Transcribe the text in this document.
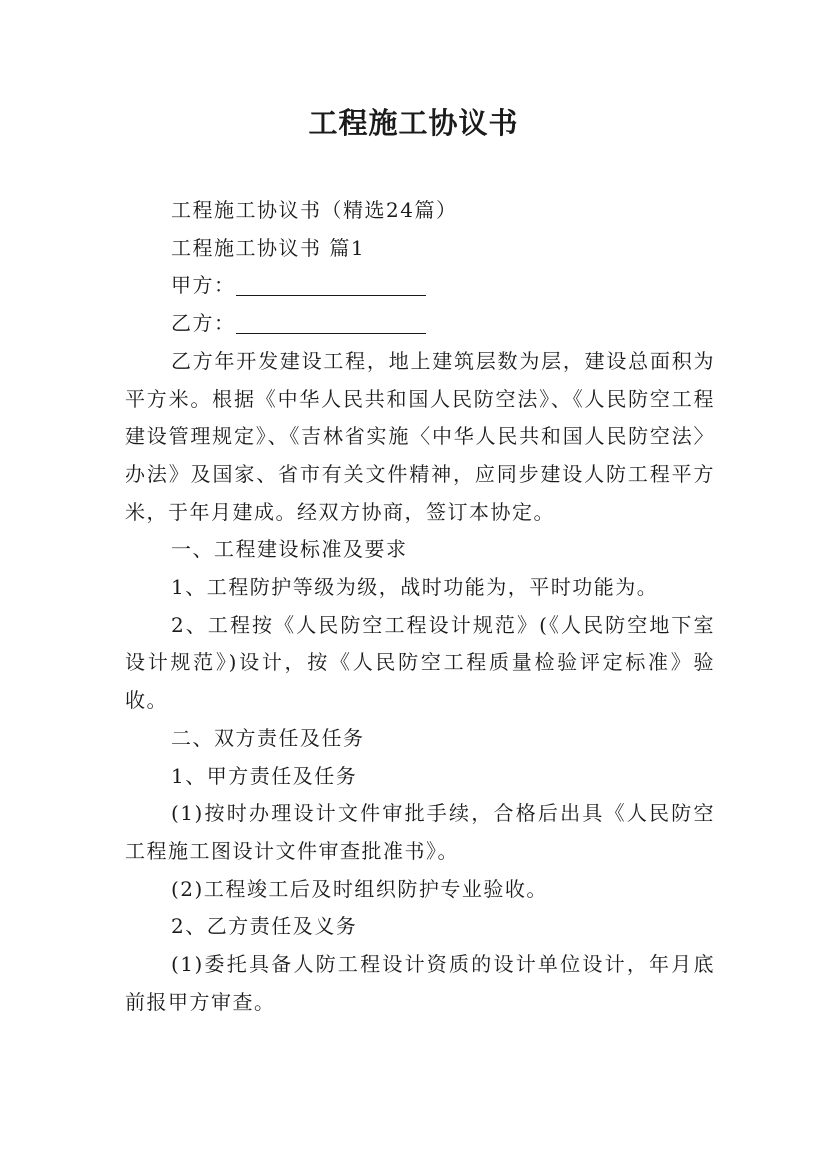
工程施工协议书

工程施工协议书（精选24篇）

工程施工协议书 篇1

甲方：

乙方：

乙方年开发建设工程，地上建筑层数为层，建设总面积为平方米。根据《中华人民共和国人民防空法》、《人民防空工程建设管理规定》、《吉林省实施〈中华人民共和国人民防空法〉办法》及国家、省市有关文件精神，应同步建设人防工程平方米，于年月建成。经双方协商，签订本协定。

一、工程建设标准及要求

1、工程防护等级为级，战时功能为，平时功能为。

2、工程按《人民防空工程设计规范》(《人民防空地下室设计规范》)设计，按《人民防空工程质量检验评定标准》验收。

二、双方责任及任务

1、甲方责任及任务

(1)按时办理设计文件审批手续，合格后出具《人民防空工程施工图设计文件审查批准书》。

(2)工程竣工后及时组织防护专业验收。

2、乙方责任及义务

(1)委托具备人防工程设计资质的设计单位设计，年月底前报甲方审查。
